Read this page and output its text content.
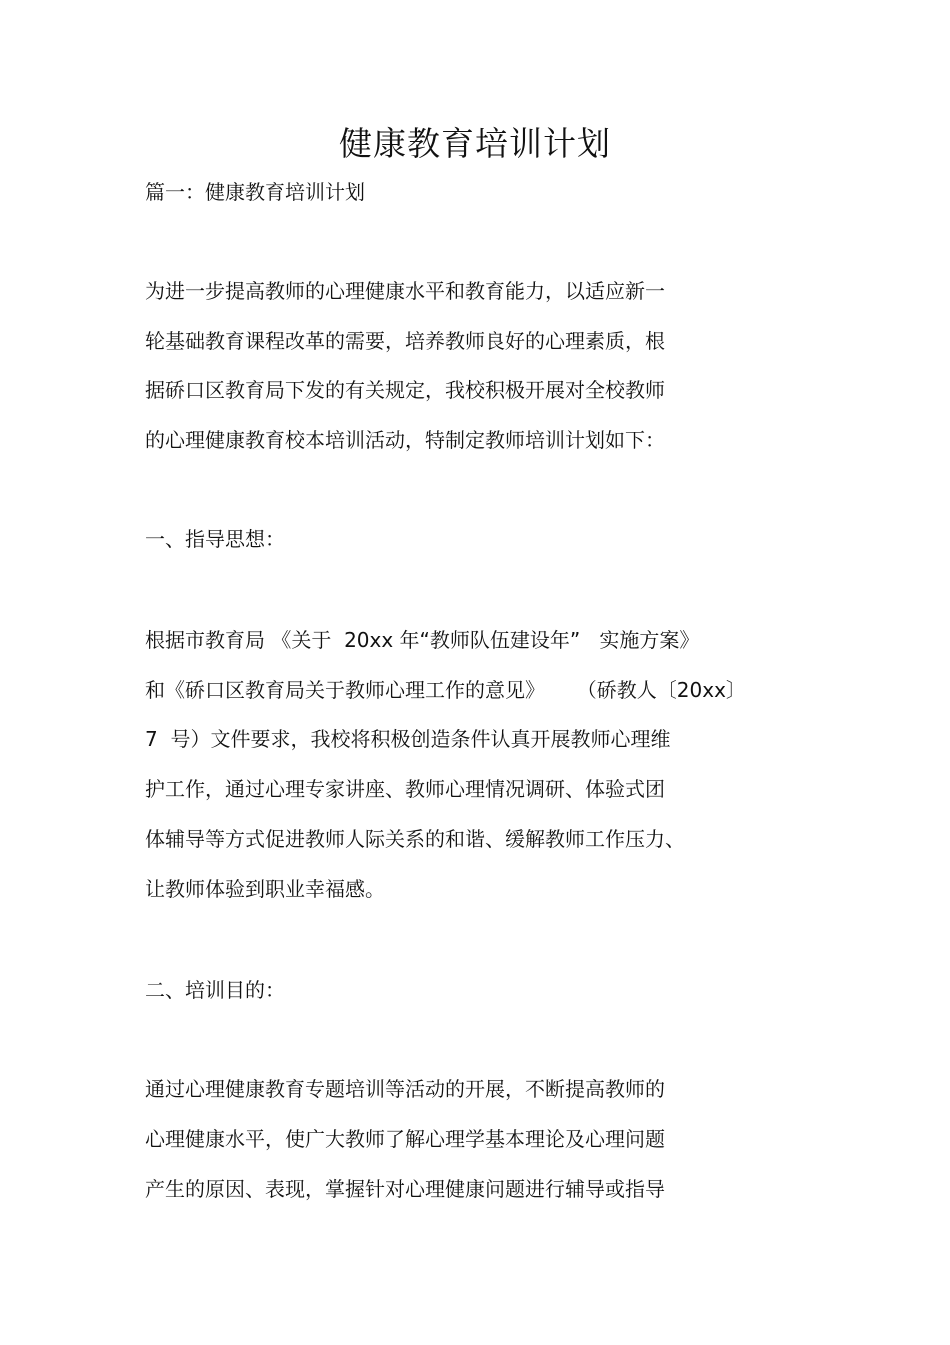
健康教育培训计划
篇一：健康教育培训计划
为进一步提高教师的心理健康水平和教育能力，以适应新一
轮基础教育课程改革的需要，培养教师良好的心理素质，根
据硚口区教育局下发的有关规定，我校积极开展对全校教师
的心理健康教育校本培训活动，特制定教师培训计划如下：
一、指导思想：
根据市教育局 《关于  20xx 年“教师队伍建设年”   实施方案》
和《硚口区教育局关于教师心理工作的意见》     （硚教人〔20xx〕
7  号）文件要求，我校将积极创造条件认真开展教师心理维
护工作，通过心理专家讲座、教师心理情况调研、体验式团
体辅导等方式促进教师人际关系的和谐、缓解教师工作压力、
让教师体验到职业幸福感。
二、培训目的：
通过心理健康教育专题培训等活动的开展，不断提高教师的
心理健康水平，使广大教师了解心理学基本理论及心理问题
产生的原因、表现，掌握针对心理健康问题进行辅导或指导
